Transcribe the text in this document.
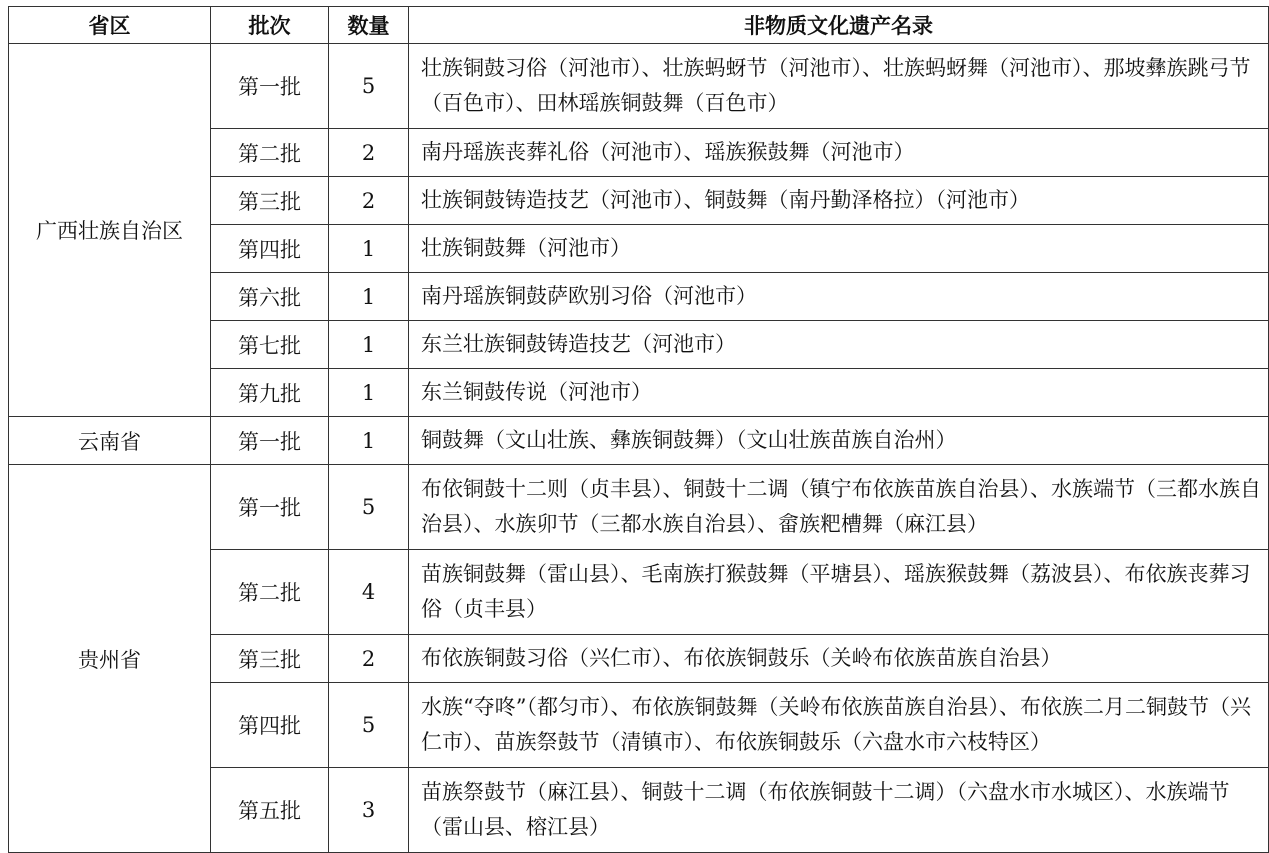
省区	批次	数量	非物质文化遗产名录
广西壮族自治区	第一批	5	壮族铜鼓习俗（河池市）、壮族蚂蚜节（河池市）、壮族蚂蚜舞（河池市）、那坡彝族跳弓节（百色市）、田林瑶族铜鼓舞（百色市）
	第二批	2	南丹瑶族丧葬礼俗（河池市）、瑶族猴鼓舞（河池市）
	第三批	2	壮族铜鼓铸造技艺（河池市）、铜鼓舞（南丹勤泽格拉）（河池市）
	第四批	1	壮族铜鼓舞（河池市）
	第六批	1	南丹瑶族铜鼓萨欧别习俗（河池市）
	第七批	1	东兰壮族铜鼓铸造技艺（河池市）
	第九批	1	东兰铜鼓传说（河池市）
云南省	第一批	1	铜鼓舞（文山壮族、彝族铜鼓舞）（文山壮族苗族自治州）
贵州省	第一批	5	布依铜鼓十二则（贞丰县）、铜鼓十二调（镇宁布依族苗族自治县）、水族端节（三都水族自治县）、水族卯节（三都水族自治县）、畲族粑槽舞（麻江县）
	第二批	4	苗族铜鼓舞（雷山县）、毛南族打猴鼓舞（平塘县）、瑶族猴鼓舞（荔波县）、布依族丧葬习俗（贞丰县）
	第三批	2	布依族铜鼓习俗（兴仁市）、布依族铜鼓乐（关岭布依族苗族自治县）
	第四批	5	水族“夺咚”（都匀市）、布依族铜鼓舞（关岭布依族苗族自治县）、布依族二月二铜鼓节（兴仁市）、苗族祭鼓节（清镇市）、布依族铜鼓乐（六盘水市六枝特区）
	第五批	3	苗族祭鼓节（麻江县）、铜鼓十二调（布依族铜鼓十二调）（六盘水市水城区）、水族端节（雷山县、榕江县）
